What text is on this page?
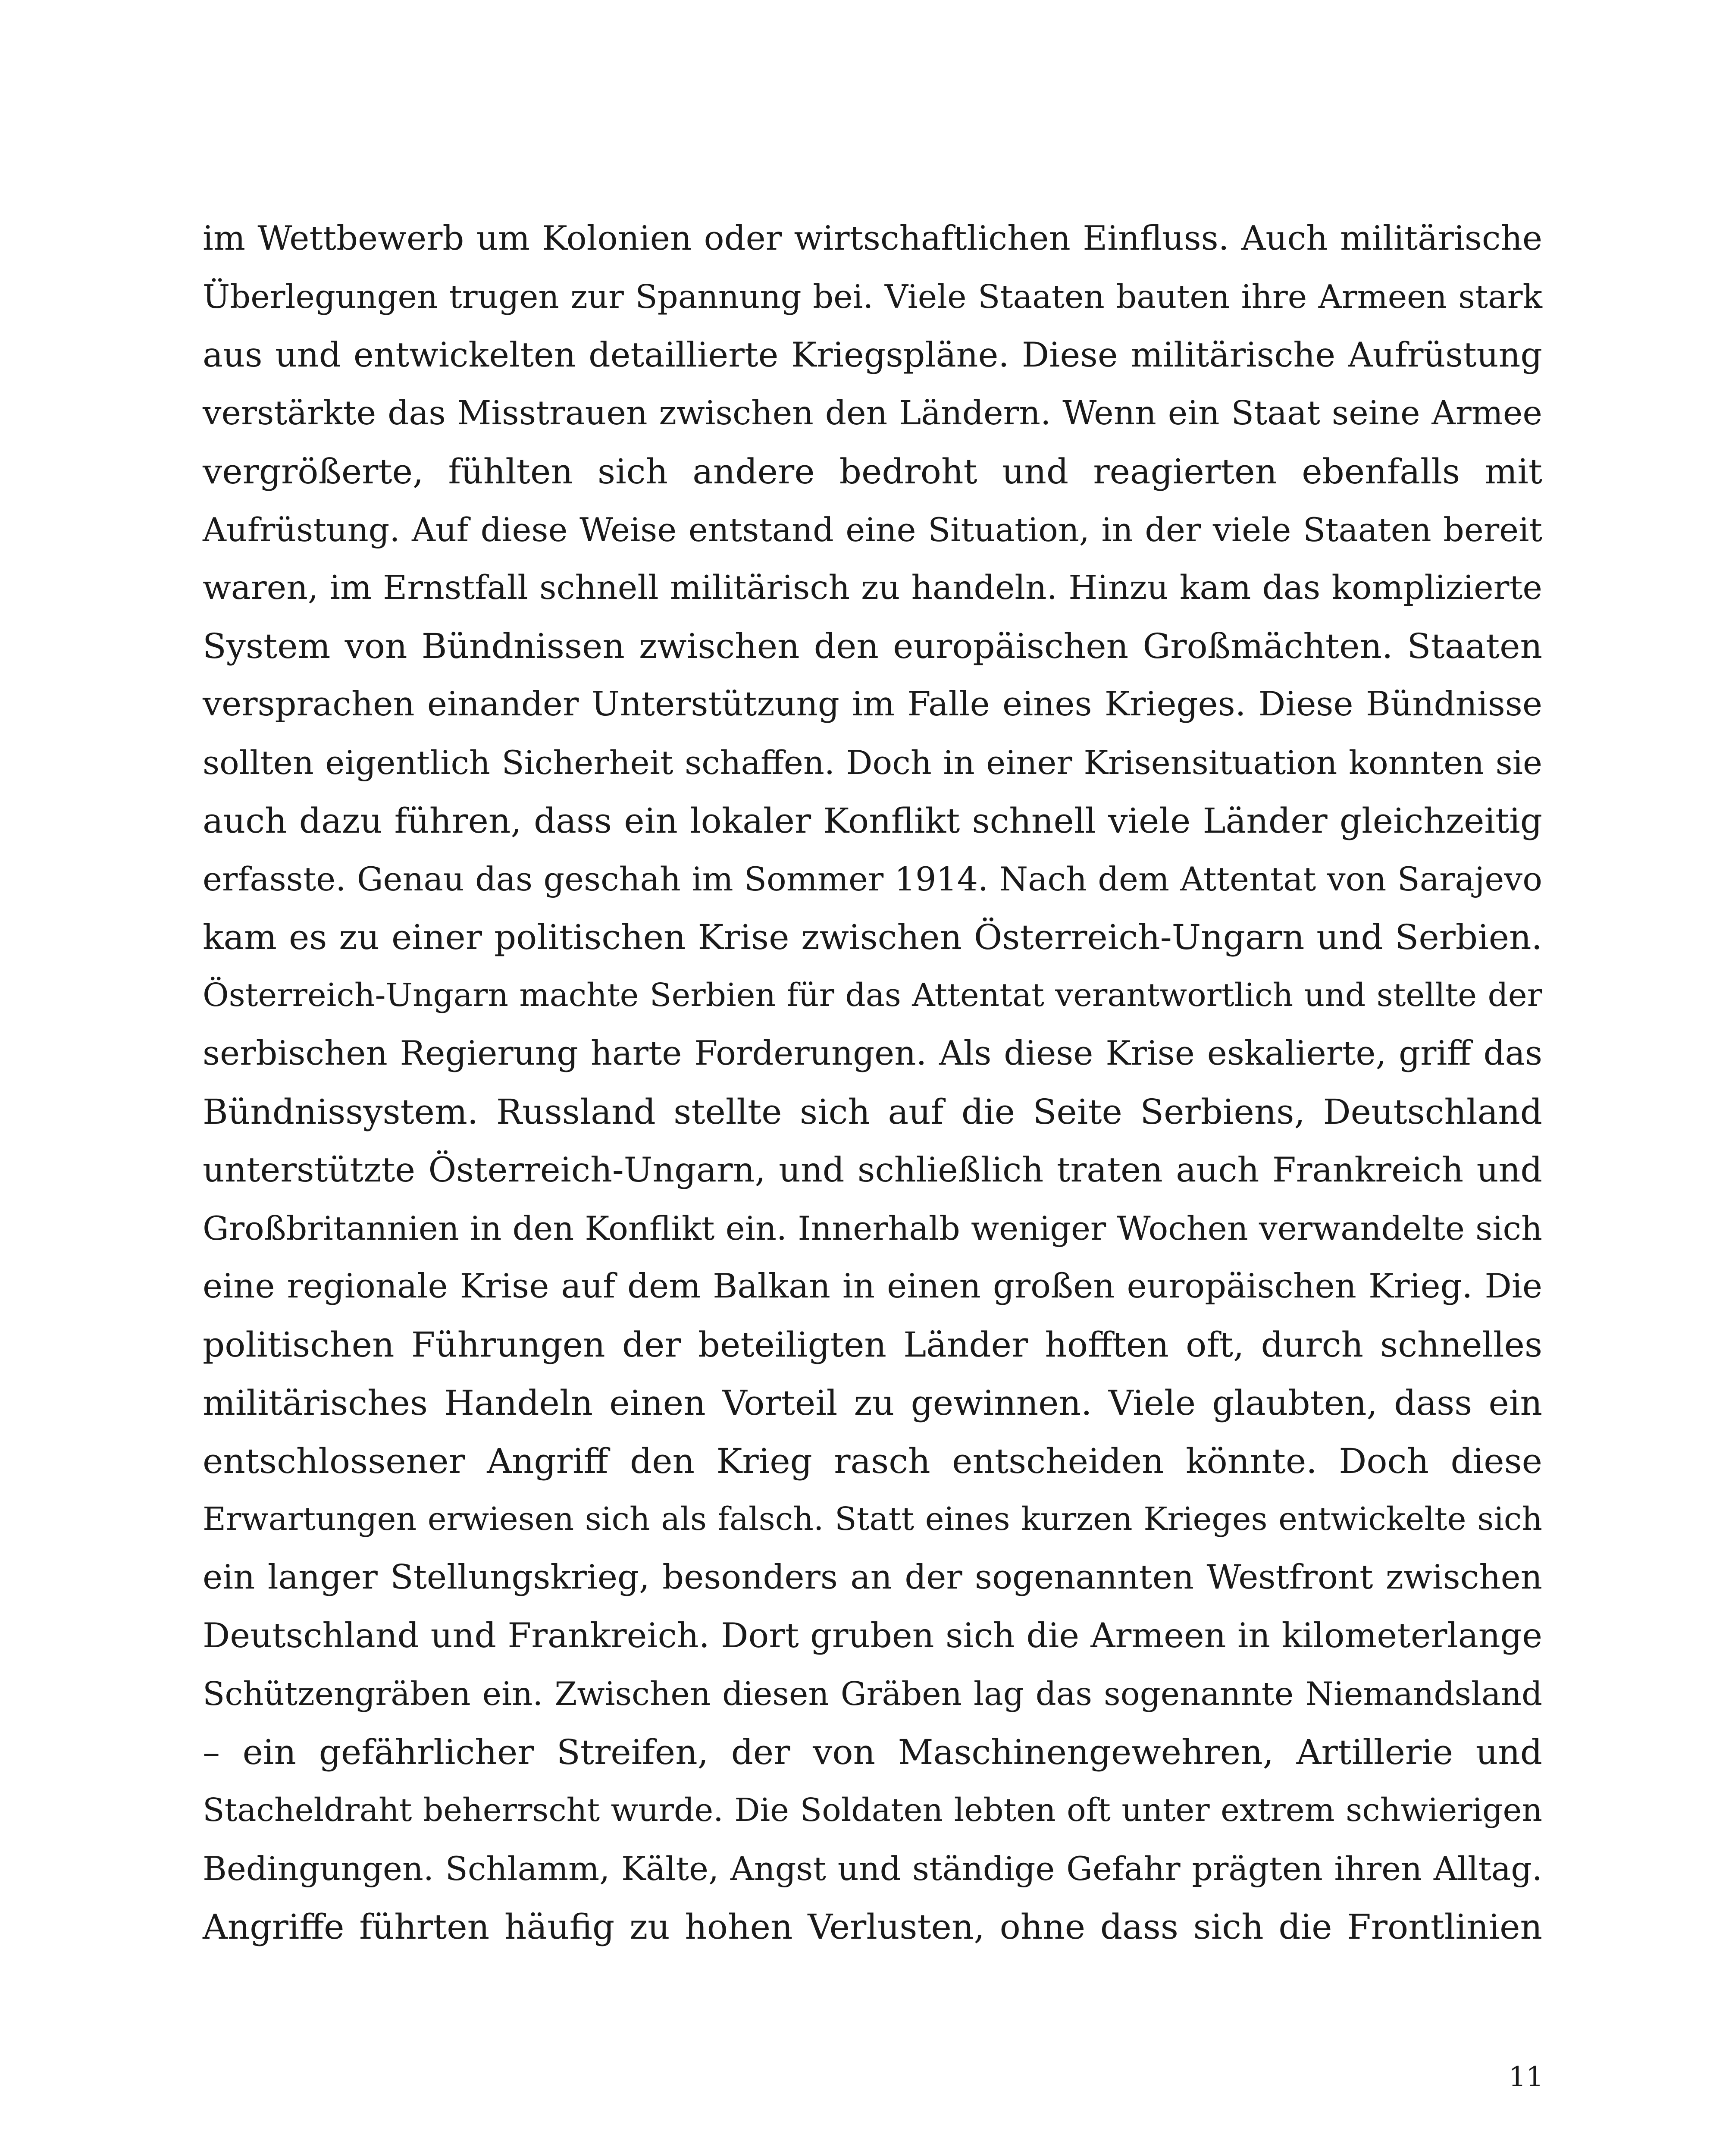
im Wettbewerb um Kolonien oder wirtschaftlichen Einfluss. Auch militärische
Überlegungen trugen zur Spannung bei. Viele Staaten bauten ihre Armeen stark
aus und entwickelten detaillierte Kriegspläne. Diese militärische Aufrüstung
verstärkte das Misstrauen zwischen den Ländern. Wenn ein Staat seine Armee
vergrößerte, fühlten sich andere bedroht und reagierten ebenfalls mit
Aufrüstung. Auf diese Weise entstand eine Situation, in der viele Staaten bereit
waren, im Ernstfall schnell militärisch zu handeln. Hinzu kam das komplizierte
System von Bündnissen zwischen den europäischen Großmächten. Staaten
versprachen einander Unterstützung im Falle eines Krieges. Diese Bündnisse
sollten eigentlich Sicherheit schaffen. Doch in einer Krisensituation konnten sie
auch dazu führen, dass ein lokaler Konflikt schnell viele Länder gleichzeitig
erfasste. Genau das geschah im Sommer 1914. Nach dem Attentat von Sarajevo
kam es zu einer politischen Krise zwischen Österreich-Ungarn und Serbien.
Österreich-Ungarn machte Serbien für das Attentat verantwortlich und stellte der
serbischen Regierung harte Forderungen. Als diese Krise eskalierte, griff das
Bündnissystem. Russland stellte sich auf die Seite Serbiens, Deutschland
unterstützte Österreich-Ungarn, und schließlich traten auch Frankreich und
Großbritannien in den Konflikt ein. Innerhalb weniger Wochen verwandelte sich
eine regionale Krise auf dem Balkan in einen großen europäischen Krieg. Die
politischen Führungen der beteiligten Länder hofften oft, durch schnelles
militärisches Handeln einen Vorteil zu gewinnen. Viele glaubten, dass ein
entschlossener Angriff den Krieg rasch entscheiden könnte. Doch diese
Erwartungen erwiesen sich als falsch. Statt eines kurzen Krieges entwickelte sich
ein langer Stellungskrieg, besonders an der sogenannten Westfront zwischen
Deutschland und Frankreich. Dort gruben sich die Armeen in kilometerlange
Schützengräben ein. Zwischen diesen Gräben lag das sogenannte Niemandsland
– ein gefährlicher Streifen, der von Maschinengewehren, Artillerie und
Stacheldraht beherrscht wurde. Die Soldaten lebten oft unter extrem schwierigen
Bedingungen. Schlamm, Kälte, Angst und ständige Gefahr prägten ihren Alltag.
Angriffe führten häufig zu hohen Verlusten, ohne dass sich die Frontlinien
11
